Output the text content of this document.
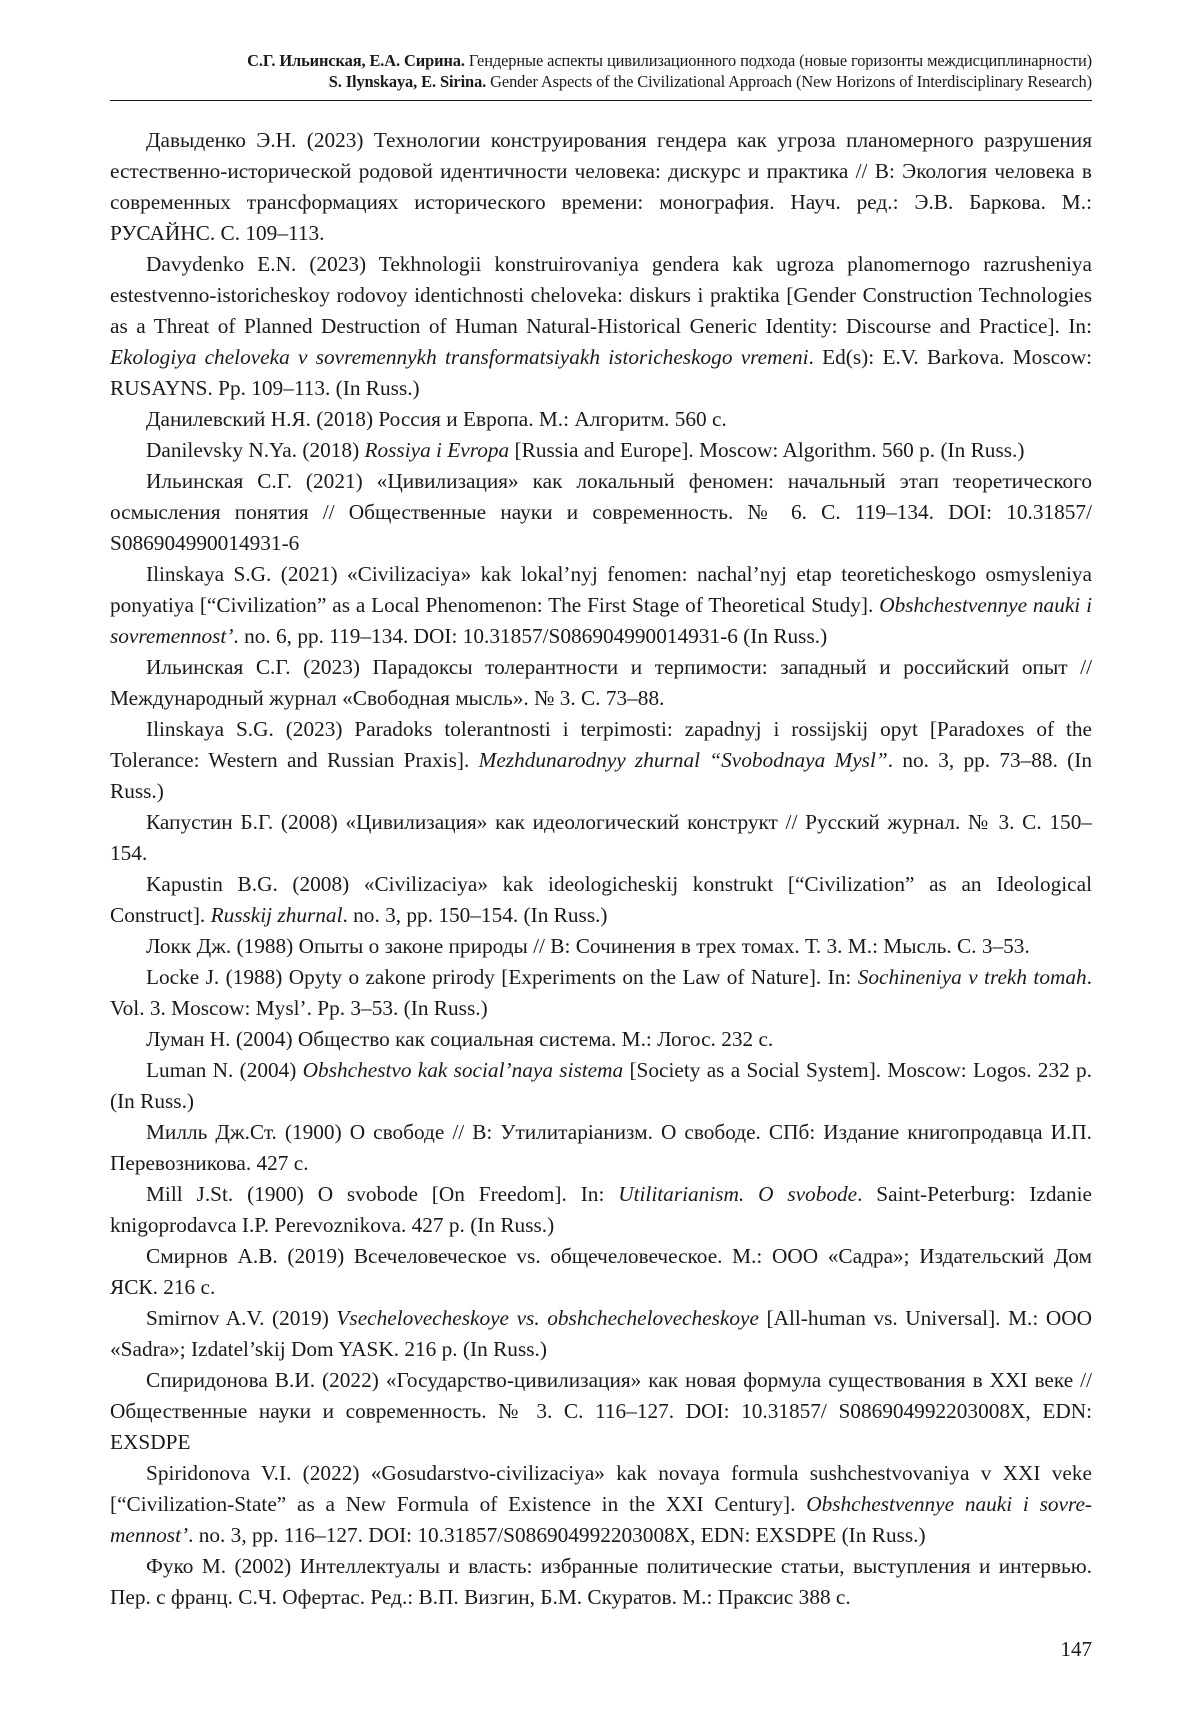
С.Г. Ильинская, Е.А. Сирина. Гендерные аспекты цивилизационного подхода (новые горизонты междисциплинарности)
S. Ilynskaya, E. Sirina. Gender Aspects of the Civilizational Approach (New Horizons of Interdisciplinary Research)

Давыденко Э.Н. (2023) Технологии конструирования гендера как угроза планомерного разрушения естественно-исторической родовой идентичности человека: дискурс и практика // В: Экология человека в современных трансформациях исторического времени: монография. Науч. ред.: Э.В. Баркова. М.: РУСАЙНС. С. 109–113.

Davydenko E.N. (2023) Tekhnologii konstruirovaniya gendera kak ugroza planomernogo razrusheniya estestvenno-istoricheskoy rodovoy identichnosti cheloveka: diskurs i praktika [Gender Construction Technologies as a Threat of Planned Destruction of Human Natural-Historical Generic Identity: Discourse and Practice]. In: Ekologiya cheloveka v sovremennykh transformatsiyakh istoricheskogo vremeni. Ed(s): E.V. Barkova. Moscow: RUSAYNS. Pp. 109–113. (In Russ.)

Данилевский Н.Я. (2018) Россия и Европа. М.: Алгоритм. 560 с.

Danilevsky N.Ya. (2018) Rossiya i Evropa [Russia and Europe]. Moscow: Algorithm. 560 p. (In Russ.)

Ильинская С.Г. (2021) «Цивилизация» как локальный феномен: начальный этап теоретического осмысления понятия // Общественные науки и современность. № 6. С. 119–134. DOI: 10.31857/ S086904990014931-6

Ilinskaya S.G. (2021) «Civilizaciya» kak lokal’nyj fenomen: nachal’nyj etap teoreticheskogo osmysleniya ponyatiya [“Civilization” as a Local Phenomenon: The First Stage of Theoretical Study]. Obshchestvennye nauki i sovremennost’. no. 6, pp. 119–134. DOI: 10.31857/S086904990014931-6 (In Russ.)

Ильинская С.Г. (2023) Парадоксы толерантности и терпимости: западный и российский опыт // Международный журнал «Свободная мысль». № 3. С. 73–88.

Ilinskaya S.G. (2023) Paradoks tolerantnosti i terpimosti: zapadnyj i rossijskij opyt [Paradoxes of the Tolerance: Western and Russian Praxis]. Mezhdunarodnyy zhurnal “Svobodnaya Mysl”. no. 3, pp. 73–88. (In Russ.)

Капустин Б.Г. (2008) «Цивилизация» как идеологический конструкт // Русский журнал. № 3. С. 150–154.

Kapustin B.G. (2008) «Civilizaciya» kak ideologicheskij konstrukt [“Civilization” as an Ideological Construct]. Russkij zhurnal. no. 3, pp. 150–154. (In Russ.)

Локк Дж. (1988) Опыты о законе природы // В: Сочинения в трех томах. Т. 3. М.: Мысль. С. 3–53.

Locke J. (1988) Opyty o zakone prirody [Experiments on the Law of Nature]. In: Sochineniya v trekh tomah. Vol. 3. Moscow: Mysl’. Pp. 3–53. (In Russ.)

Луман Н. (2004) Общество как социальная система. М.: Логос. 232 с.

Luman N. (2004) Obshchestvo kak social’naya sistema [Society as a Social System]. Moscow: Logos. 232 p. (In Russ.)

Милль Дж.Ст. (1900) О свободе // В: Утилитарiанизм. О свободе. СПб: Издание книгопродавца И.П. Перевозникова. 427 с.

Mill J.St. (1900) O svobode [On Freedom]. In: Utilitarianism. O svobode. Saint-Peterburg: Izdanie knigoprodavca I.P. Perevoznikova. 427 p. (In Russ.)

Смирнов А.В. (2019) Всечеловеческое vs. общечеловеческое. М.: ООО «Садра»; Издательский Дом ЯСК. 216 с.

Smirnov A.V. (2019) Vsechelovecheskoye vs. obshchechelovecheskoye [All-human vs. Universal]. M.: OOO «Sadra»; Izdatel’skij Dom YASK. 216 p. (In Russ.)

Спиридонова В.И. (2022) «Государство-цивилизация» как новая формула существования в XXI веке // Общественные науки и современность. № 3. С. 116–127. DOI: 10.31857/ S086904992203008X, EDN: EXSDPE

Spiridonova V.I. (2022) «Gosudarstvo-civilizaciya» kak novaya formula sushchestvovaniya v XXI veke [“Civilization-State” as a New Formula of Existence in the XXI Century]. Obshchestvennye nauki i sovremennost’. no. 3, pp. 116–127. DOI: 10.31857/S086904992203008X, EDN: EXSDPE (In Russ.)

Фуко М. (2002) Интеллектуалы и власть: избранные политические статьи, выступления и интервью. Пер. с франц. С.Ч. Офертас. Ред.: В.П. Визгин, Б.М. Скуратов. М.: Праксис 388 с.

147
